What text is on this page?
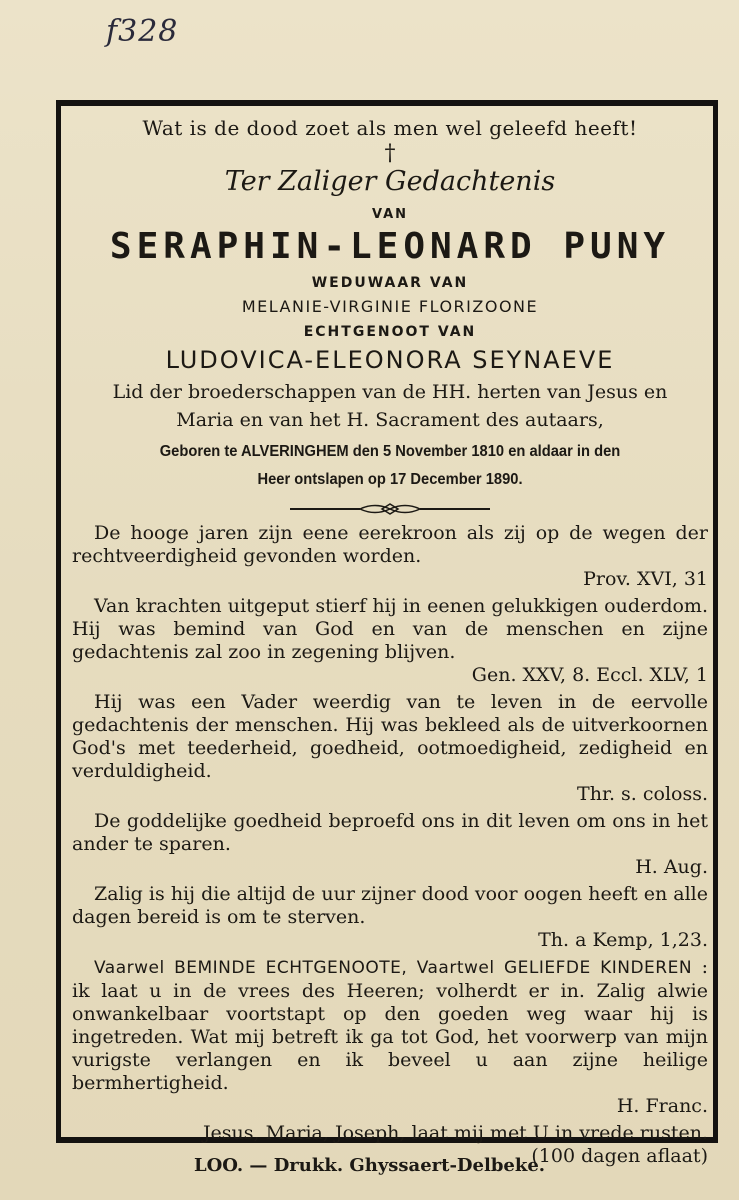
f328
Wat is de dood zoet als men wel geleefd heeft!
†
Ter Zaliger Gedachtenis
VAN
SERAPHIN-LEONARD PUNY
WEDUWAAR VAN
MELANIE-VIRGINIE FLORIZOONE
ECHTGENOOT VAN
LUDOVICA-ELEONORA SEYNAEVE
Lid der broederschappen van de HH. herten van Jesus en
Maria en van het H. Sacrament des autaars,
Geboren te ALVERINGHEM den 5 November 1810 en aldaar in den
Heer ontslapen op 17 December 1890.
De hooge jaren zijn eene eerekroon als zij op de wegen der rechtveerdigheid gevonden worden.
Prov. XVI, 31
Van krachten uitgeput stierf hij in eenen gelukkigen ouderdom. Hij was bemind van God en van de menschen en zijne gedachtenis zal zoo in zegening blijven.
Gen. XXV, 8. Eccl. XLV, 1
Hij was een Vader weerdig van te leven in de eervolle gedachtenis der menschen. Hij was bekleed als de uitverkoornen God's met teederheid, goedheid, ootmoedigheid, zedigheid en verduldigheid.
Thr. s. coloss.
De goddelijke goedheid beproefd ons in dit leven om ons in het ander te sparen.
H. Aug.
Zalig is hij die altijd de uur zijner dood voor oogen heeft en alle dagen bereid is om te sterven.
Th. a Kemp, 1,23.
Vaarwel BEMINDE ECHTGENOOTE, Vaartwel GELIEFDE KINDEREN : ik laat u in de vrees des Heeren; volherdt er in. Zalig alwie onwankelbaar voortstapt op den goeden weg waar hij is ingetreden. Wat mij betreft ik ga tot God, het voorwerp van mijn vurigste verlangen en ik beveel u aan zijne heilige bermhertigheid.
H. Franc.
Jesus, Maria, Joseph, laat mij met U in vrede rusten.
(100 dagen aflaat)
LOO. — Drukk. Ghyssaert-Delbeke.
